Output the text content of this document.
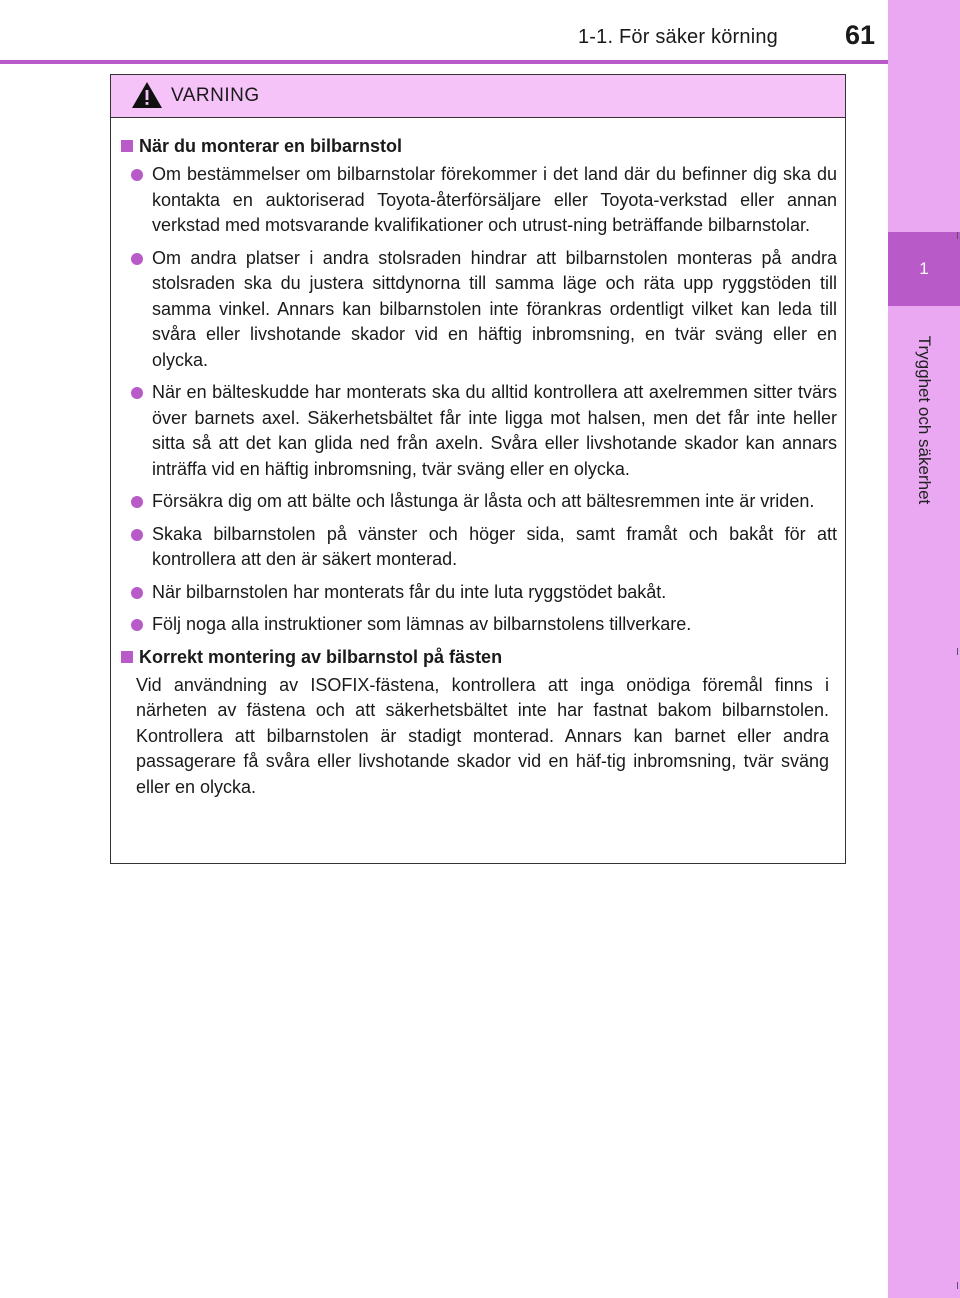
1-1. För säker körning 61
1
Trygghet och säkerhet
VARNING
När du monterar en bilbarnstol
Om bestämmelser om bilbarnstolar förekommer i det land där du befinner dig ska du kontakta en auktoriserad Toyota-återförsäljare eller Toyota-verkstad eller annan verkstad med motsvarande kvalifikationer och utrust-ning beträffande bilbarnstolar.
Om andra platser i andra stolsraden hindrar att bilbarnstolen monteras på andra stolsraden ska du justera sittdynorna till samma läge och räta upp ryggstöden till samma vinkel. Annars kan bilbarnstolen inte förankras ordentligt vilket kan leda till svåra eller livshotande skador vid en häftig inbromsning, en tvär sväng eller en olycka.
När en bälteskudde har monterats ska du alltid kontrollera att axelremmen sitter tvärs över barnets axel. Säkerhetsbältet får inte ligga mot halsen, men det får inte heller sitta så att det kan glida ned från axeln. Svåra eller livshotande skador kan annars inträffa vid en häftig inbromsning, tvär sväng eller en olycka.
Försäkra dig om att bälte och låstunga är låsta och att bältesremmen inte är vriden.
Skaka bilbarnstolen på vänster och höger sida, samt framåt och bakåt för att kontrollera att den är säkert monterad.
När bilbarnstolen har monterats får du inte luta ryggstödet bakåt.
Följ noga alla instruktioner som lämnas av bilbarnstolens tillverkare.
Korrekt montering av bilbarnstol på fästen
Vid användning av ISOFIX-fästena, kontrollera att inga onödiga föremål finns i närheten av fästena och att säkerhetsbältet inte har fastnat bakom bilbarnstolen. Kontrollera att bilbarnstolen är stadigt monterad. Annars kan barnet eller andra passagerare få svåra eller livshotande skador vid en häf-tig inbromsning, tvär sväng eller en olycka.
